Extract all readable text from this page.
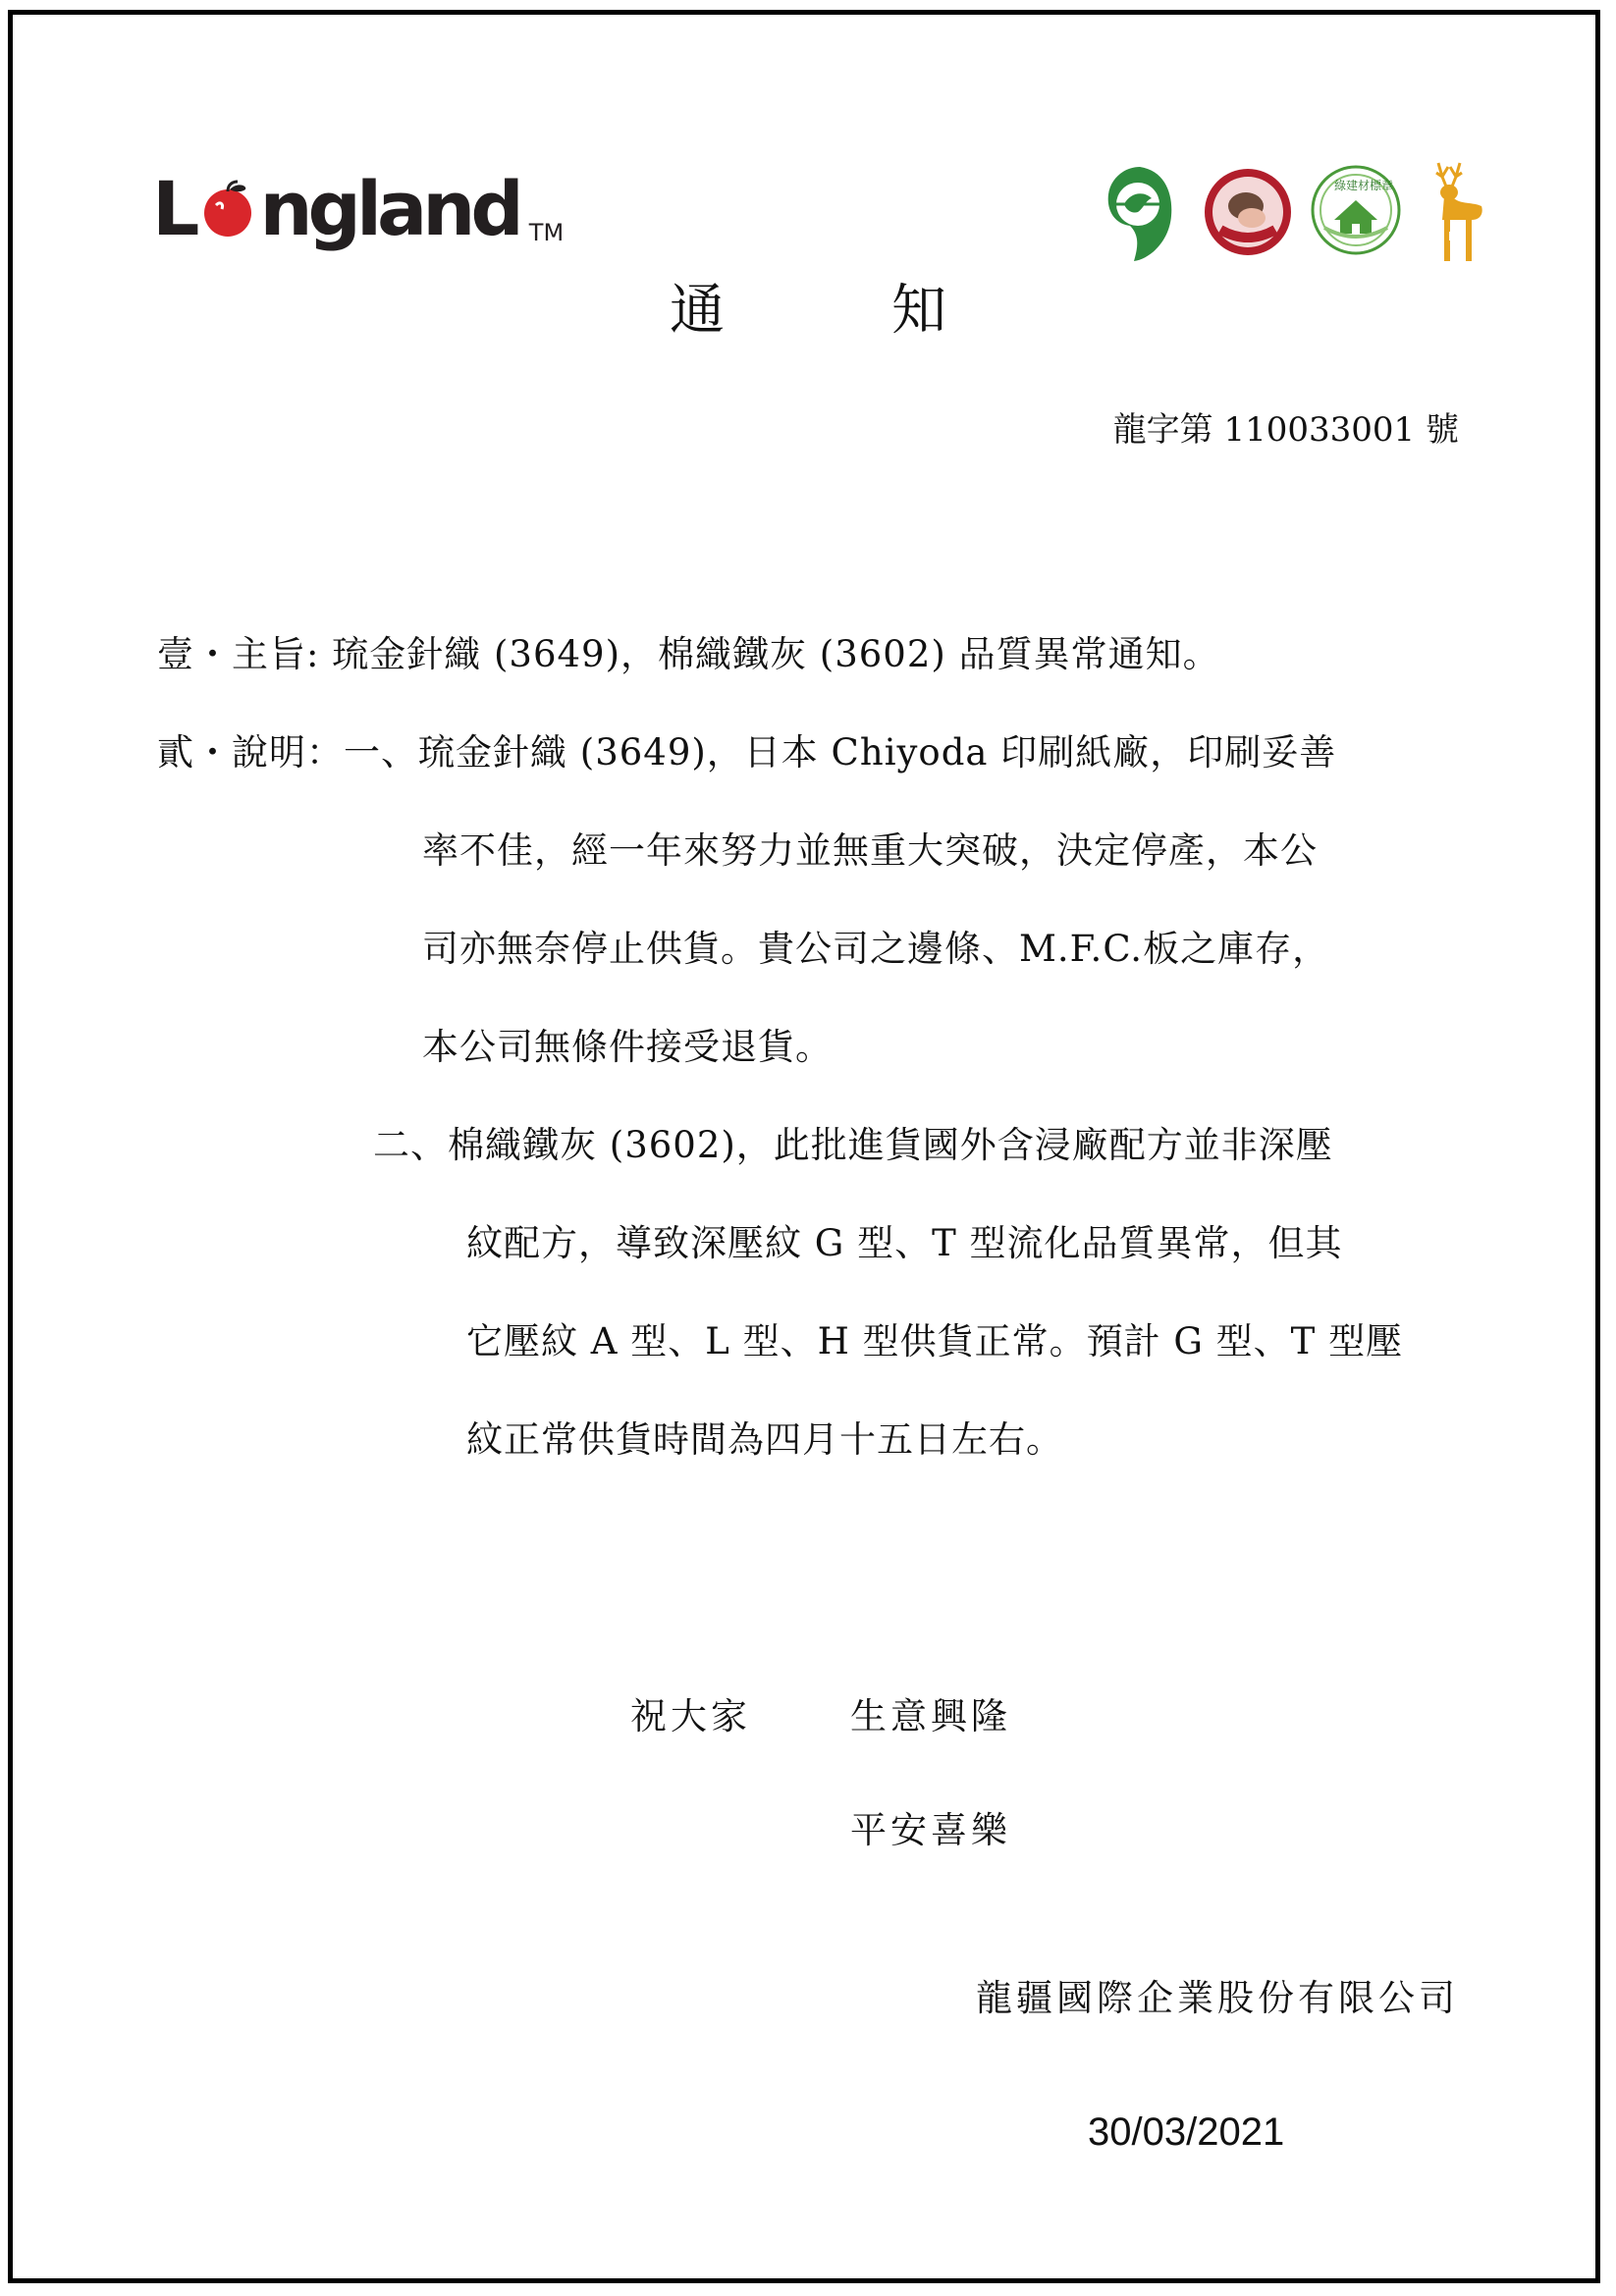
L ngland TM
綠建材標章
EO
通	知
龍字第 110033001 號
壹・主旨: 琉金針織 (3649)，棉織鐵灰 (3602) 品質異常通知。
貳・說明：一、琉金針織 (3649)，日本 Chiyoda 印刷紙廠，印刷妥善
率不佳，經一年來努力並無重大突破，決定停產，本公
司亦無奈停止供貨。貴公司之邊條、M.F.C.板之庫存，
本公司無條件接受退貨。
二、棉織鐵灰 (3602)，此批進貨國外含浸廠配方並非深壓
紋配方，導致深壓紋 G 型、T 型流化品質異常，但其
它壓紋 A 型、L 型、H 型供貨正常。預計 G 型、T 型壓
紋正常供貨時間為四月十五日左右。
祝大家	生意興隆
平安喜樂
龍疆國際企業股份有限公司
30/03/2021
